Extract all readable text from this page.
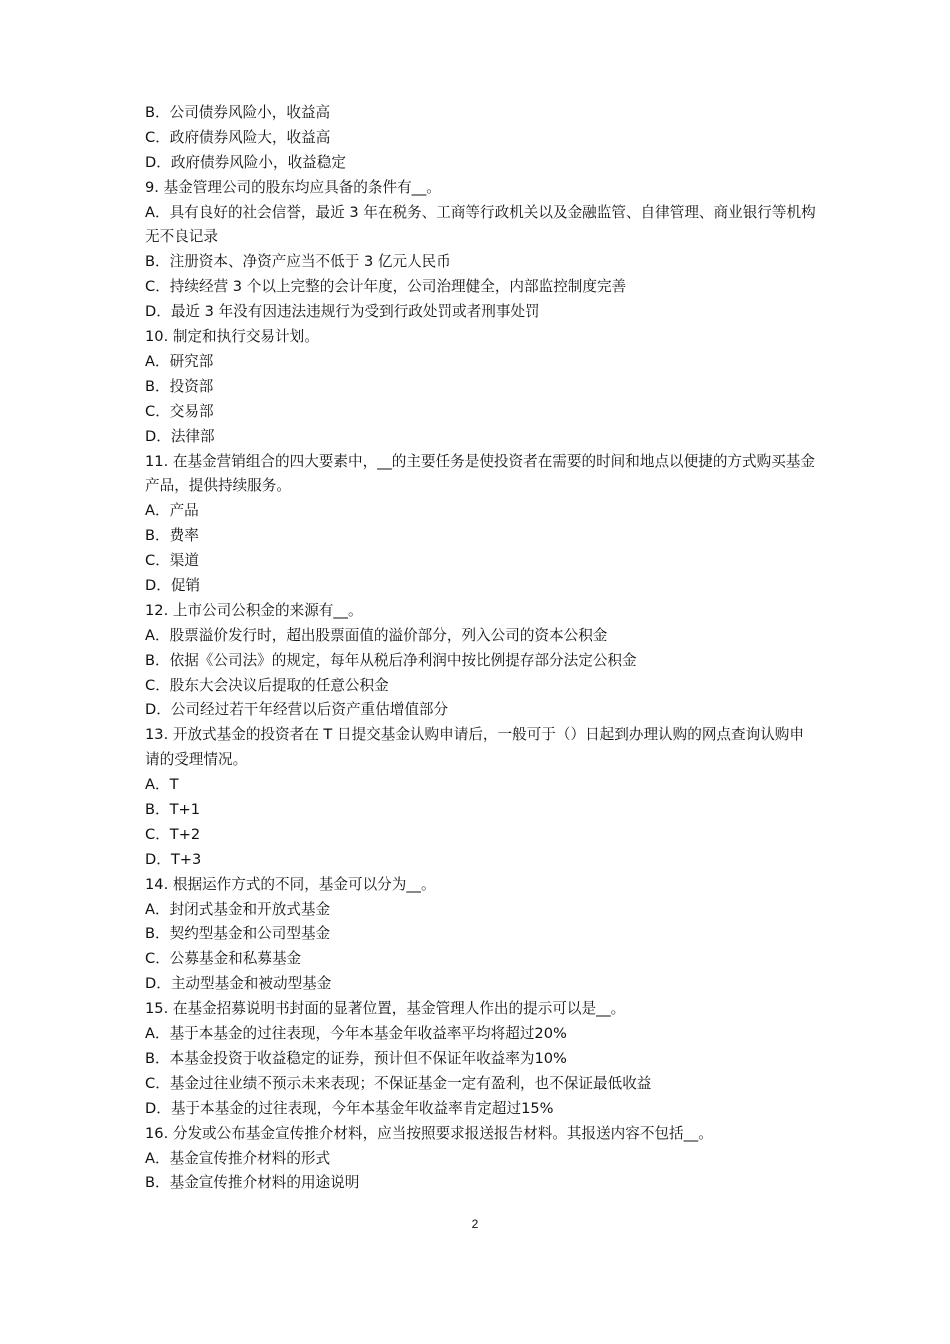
B．公司债券风险小，收益高
C．政府债券风险大，收益高
D．政府债券风险小，收益稳定
9. 基金管理公司的股东均应具备的条件有__。
A．具有良好的社会信誉，最近 3 年在税务、工商等行政机关以及金融监管、自律管理、商业银行等机构无不良记录
B．注册资本、净资产应当不低于 3 亿元人民币
C．持续经营 3 个以上完整的会计年度，公司治理健全，内部监控制度完善
D．最近 3 年没有因违法违规行为受到行政处罚或者刑事处罚
10. 制定和执行交易计划。
A．研究部
B．投资部
C．交易部
D．法律部
11. 在基金营销组合的四大要素中，__的主要任务是使投资者在需要的时间和地点以便捷的方式购买基金产品，提供持续服务。
A．产品
B．费率
C．渠道
D．促销
12. 上市公司公积金的来源有__。
A．股票溢价发行时，超出股票面值的溢价部分，列入公司的资本公积金
B．依据《公司法》的规定，每年从税后净利润中按比例提存部分法定公积金
C．股东大会决议后提取的任意公积金
D．公司经过若干年经营以后资产重估增值部分
13. 开放式基金的投资者在 T 日提交基金认购申请后，一般可于（）日起到办理认购的网点查询认购申请的受理情况。
A．T
B．T+1
C．T+2
D．T+3
14. 根据运作方式的不同，基金可以分为__。
A．封闭式基金和开放式基金
B．契约型基金和公司型基金
C．公募基金和私募基金
D．主动型基金和被动型基金
15. 在基金招募说明书封面的显著位置，基金管理人作出的提示可以是__。
A．基于本基金的过往表现，今年本基金年收益率平均将超过20%
B．本基金投资于收益稳定的证券，预计但不保证年收益率为10%
C．基金过往业绩不预示未来表现；不保证基金一定有盈利，也不保证最低收益
D．基于本基金的过往表现，今年本基金年收益率肯定超过15%
16. 分发或公布基金宣传推介材料，应当按照要求报送报告材料。其报送内容不包括__。
A．基金宣传推介材料的形式
B．基金宣传推介材料的用途说明
2
